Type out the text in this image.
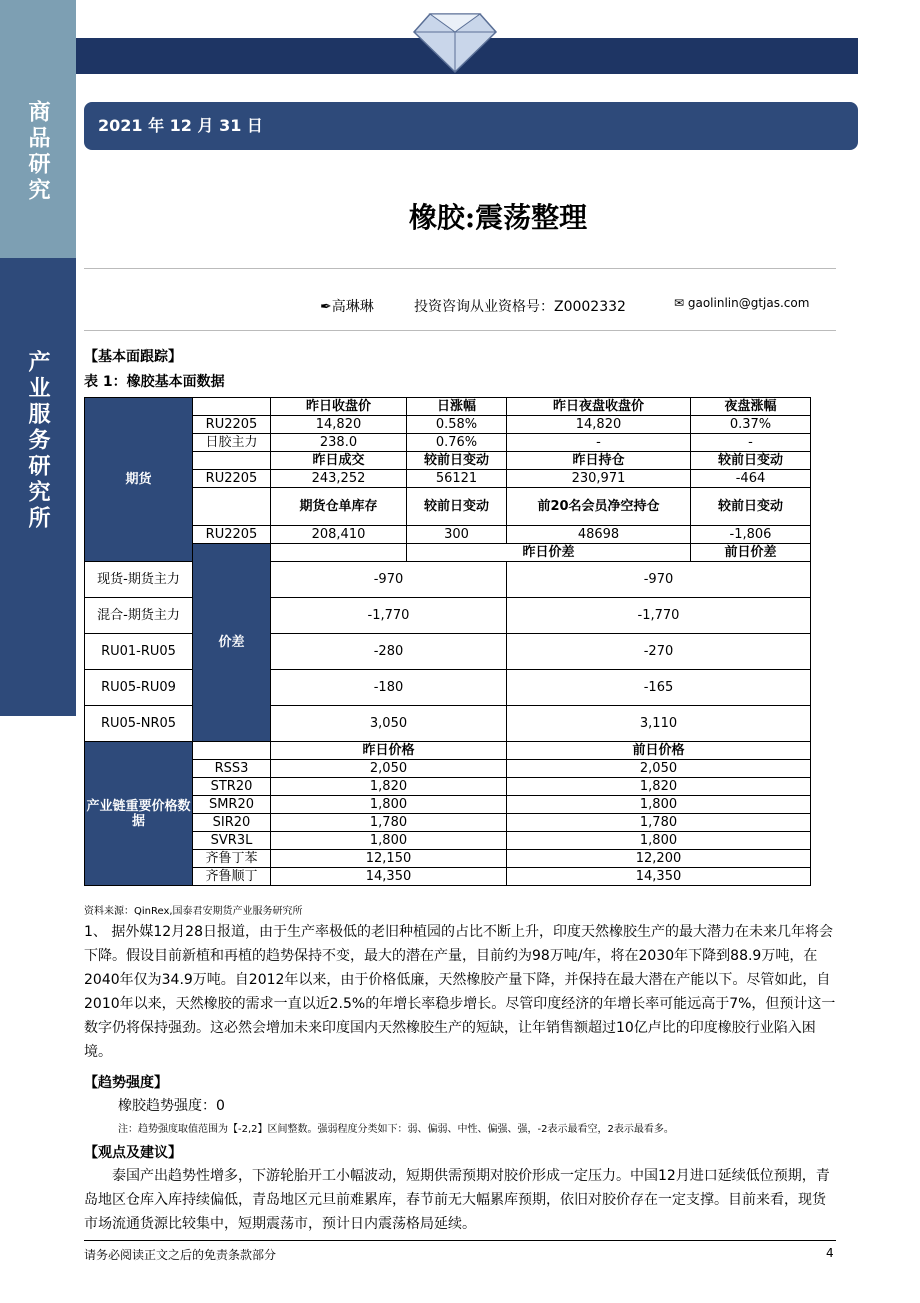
商品研究
产业服务研究所
2021 年 12 月 31 日
橡胶:震荡整理
✒高琳琳	投资咨询从业资格号：Z0002332	✉ gaolinlin@gtjas.com
【基本面跟踪】
表 1：橡胶基本面数据
期货		昨日收盘价	日涨幅	昨日夜盘收盘价	夜盘涨幅
	RU2205	14,820	0.58%	14,820	0.37%
	日胶主力	238.0	0.76%	-	-
		昨日成交	较前日变动	昨日持仓	较前日变动
	RU2205	243,252	56121	230,971	-464
		期货仓单库存	较前日变动	前20名会员净空持仓	较前日变动
	RU2205	208,410	300	48698	-1,806
	价差		昨日价差		前日价差
现货-期货主力		-970		-970	
混合-期货主力		-1,770		-1,770	
RU01-RU05		-280		-270	
RU05-RU09		-180		-165	
RU05-NR05		3,050		3,110	
产业链重要价格数据		昨日价格		前日价格	
	RSS3	2,050		2,050	
	STR20	1,820		1,820	
	SMR20	1,800		1,800	
	SIR20	1,780		1,780	
	SVR3L	1,800		1,800	
	齐鲁丁苯	12,150		12,200	
	齐鲁顺丁	14,350		14,350	
资料来源：QinRex,国泰君安期货产业服务研究所
1、 据外媒12月28日报道，由于生产率极低的老旧种植园的占比不断上升，印度天然橡胶生产的最大潜力在未来几年将会下降。假设目前新植和再植的趋势保持不变，最大的潜在产量，目前约为98万吨/年，将在2030年下降到88.9万吨，在2040年仅为34.9万吨。自2012年以来，由于价格低廉，天然橡胶产量下降，并保持在最大潜在产能以下。尽管如此，自2010年以来，天然橡胶的需求一直以近2.5%的年增长率稳步增长。尽管印度经济的年增长率可能远高于7%，但预计这一数字仍将保持强劲。这必然会增加未来印度国内天然橡胶生产的短缺，让年销售额超过10亿卢比的印度橡胶行业陷入困境。
【趋势强度】
橡胶趋势强度：0
注：趋势强度取值范围为【-2,2】区间整数。强弱程度分类如下：弱、偏弱、中性、偏强、强，-2表示最看空，2表示最看多。
【观点及建议】
泰国产出趋势性增多，下游轮胎开工小幅波动，短期供需预期对胶价形成一定压力。中国12月进口延续低位预期，青岛地区仓库入库持续偏低，青岛地区元旦前难累库，春节前无大幅累库预期，依旧对胶价存在一定支撑。目前来看，现货市场流通货源比较集中，短期震荡市，预计日内震荡格局延续。
请务必阅读正文之后的免责条款部分	4
